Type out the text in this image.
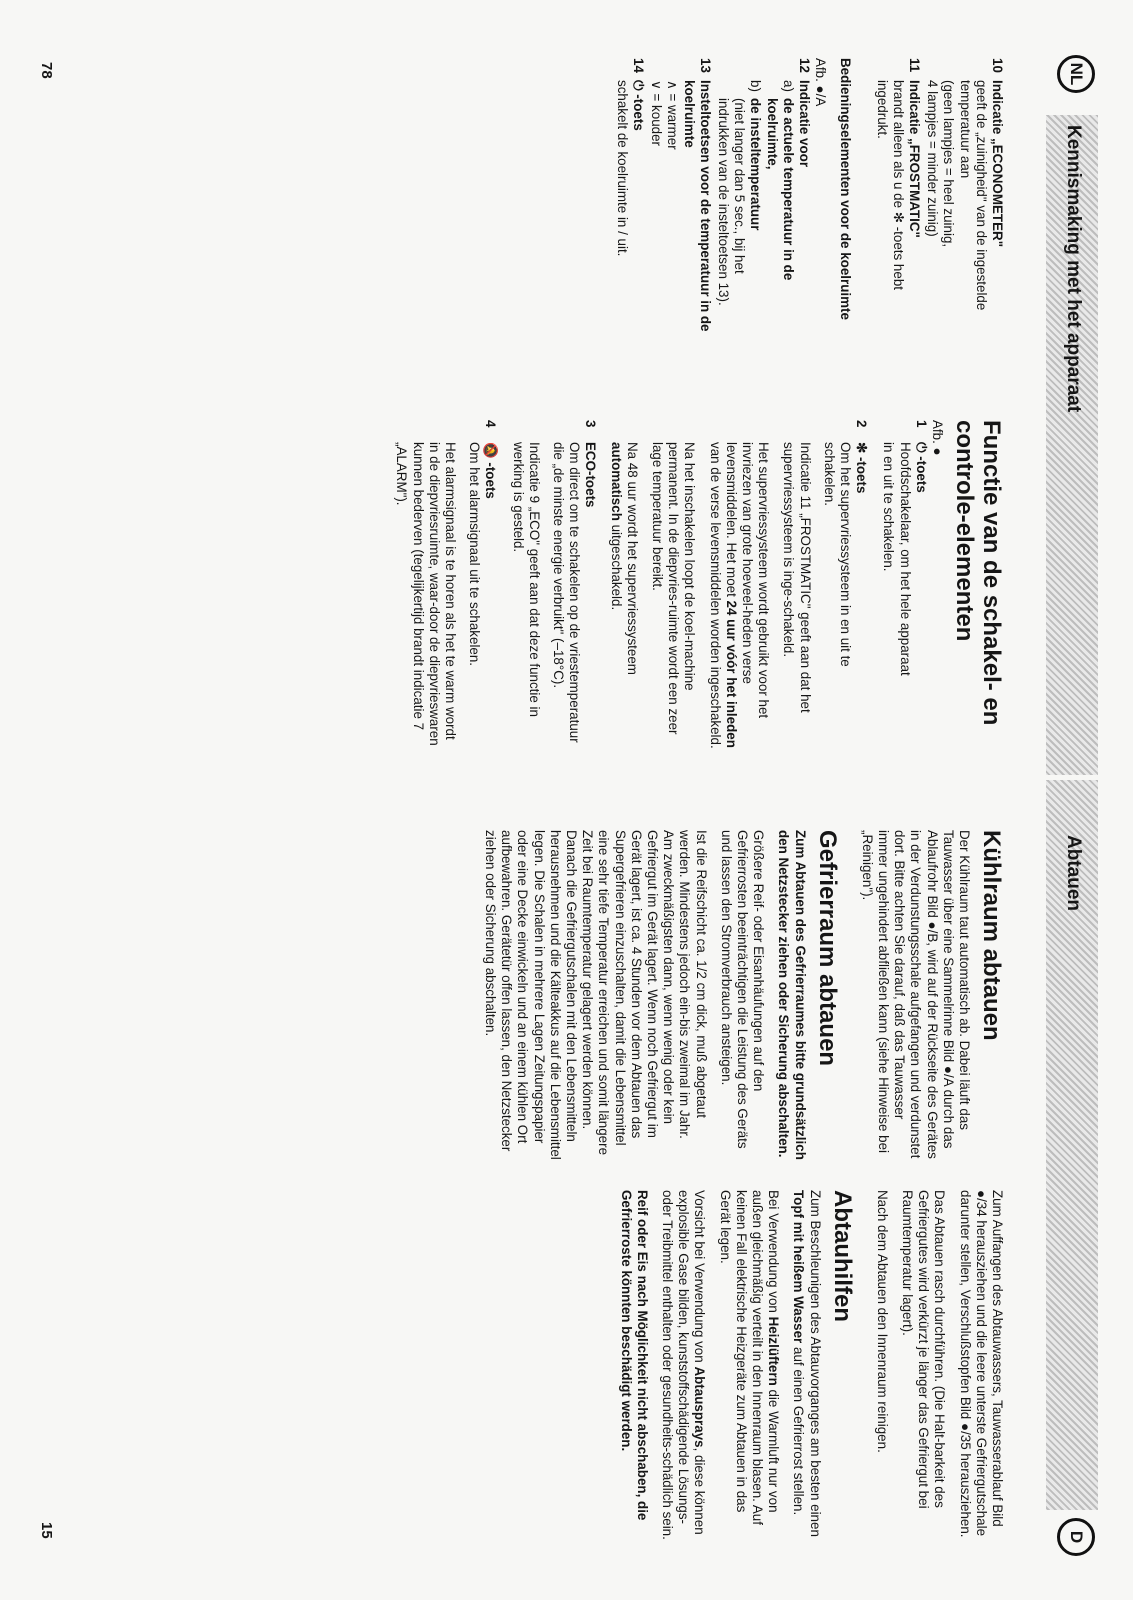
NL
Kennismaking met het apparaat
Abtauen
D
10
Indicatie „ECONOMETER"
geeft de „zuinigheid" van de ingestelde
temperatuur aan
(geen lampjes = heel zuinig,
4 lampjes = minder zuinig)
11
Indicatie „FROSTMATIC"
brandt alleen als u de ✻ -toets hebt
ingedrukt.
Bedieningselementen voor de koelruimte
Afb. ●/A
12
Indicatie voor
a)
de actuele temperatuur in de
koelruimte,
b)
de insteltemperatuur
(niet langer dan 5 sec., bij het
indrukken van de insteltoetsen 13).
13
Insteltoetsen voor de temperatuur in de
koelruimte
∧ = warmer
∨ = kouder
14
⏻ -toets
schakelt de koelruimte in / uit.
Functie van de schakel- en controle-elementen
Afb. ●
1
⏻ -toets
Hoofdschakelaar, om het hele apparaat
in en uit te schakelen.
2
✻ -toets
Om het supervriessysteem in en uit te
schakelen.

Indicatie 11 „FROSTMATIC" geeft aan dat het supervriessysteem is inge-schakeld.

Het supervriessysteem wordt gebruikt voor het invriezen van grote hoeveel-heden verse levensmiddelen. Het moet 24 uur vóór het inleden van de verse levensmiddelen worden ingeschakeld.

Na het inschakelen loopt de koel-machine permanent. In de diepvries-ruimte wordt een zeer lage temperatuur bereikt.

Na 48 uur wordt het supervriessysteem automatisch uitgeschakeld.

3
ECO-toets
Om direct om te schakelen op de vriestemperatuur die „de minste energie verbruikt" (–18°C).

Indicatie 9 „ECO" geeft aan dat deze functie in werking is gesteld.

4
🔕 -toets
Om het alarmsignaal uit te schakelen.

Het alarmsignaal is te horen als het te warm wordt in de diepvriesruimte, waar-door de diepvrieswaren kunnen bederven (tegelijkertijd brandt indicatie 7 „ALARM").

Kühlraum abtauen

Der Kühlraum taut automatisch ab. Dabei läuft das Tauwasser über eine Sammelrinne Bild ●/A durch das Ablaufrohr Bild ●/B, wird auf der Rückseite des Gerätes in der Verdunstungsschale aufgefangen und verdunstet dort. Bitte achten Sie darauf, daß das Tauwasser immer ungehindert abfließen kann (siehe Hinweise bei „Reinigen").

Gefrierraum abtauen

Zum Abtauen des Gefrierraumes bitte grundsätzlich den Netzstecker ziehen oder Sicherung abschalten.

Größere Reif- oder Eisanhäufungen auf den Gefrierrosten beeinträchtigen die Leistung des Geräts und lassen den Stromverbrauch ansteigen.

Ist die Reifschicht ca. 1/2 cm dick, muß abgetaut werden. Mindestens jedoch ein-bis zweimal im Jahr. Am zweckmäßigsten dann, wenn wenig oder kein Gefriergut im Gerät lagert. Wenn noch Gefriergut im Gerät lagert, ist ca. 4 Stunden vor dem Abtauen das Supergefrieren einzuschalten, damit die Lebensmittel eine sehr tiefe Temperatur erreichen und somit längere Zeit bei Raumtemperatur gelagert werden können. Danach die Gefriergutschalen mit den Lebensmitteln herausnehmen und die Kälteakkus auf die Lebensmittel legen. Die Schalen in mehrere Lagen Zeitungspapier oder eine Decke einwickeln und an einem kühlen Ort aufbewahren. Gerätetür offen lassen, den Netzstecker ziehen oder Sicherung abschalten.

Zum Auffangen des Abtauwassers, Tauwasserablauf Bild ●/34 herausziehen und die leere unterste Gefriergutschale darunter stellen, Verschlußstopfen Bild ●/35 herausziehen.

Das Abtauen rasch durchführen. (Die Halt-barkeit des Gefriergutes wird verkürzt je länger das Gefriergut bei Raumtemperatur lagert).

Nach dem Abtauen den Innenraum reinigen.

Abtauhilfen

Zum Beschleunigen des Abtauvorganges am besten einen Topf mit heißem Wasser auf einen Gefrierrost stellen.

Bei Verwendung von Heizlüftern die Warmluft nur von außen gleichmäßig verteilt in den Innenraum blasen. Auf keinen Fall elektrische Heizgeräte zum Abtauen in das Gerät legen.

Vorsicht bei Verwendung von Abtausprays, diese können explosible Gase bilden, kunststoffschädigende Lösungs- oder Treibmittel enthalten oder gesundheits-schädlich sein.

Reif oder Eis nach Möglichkeit nicht abschaben, die Gefrierroste könnten beschädigt werden.

78
15
